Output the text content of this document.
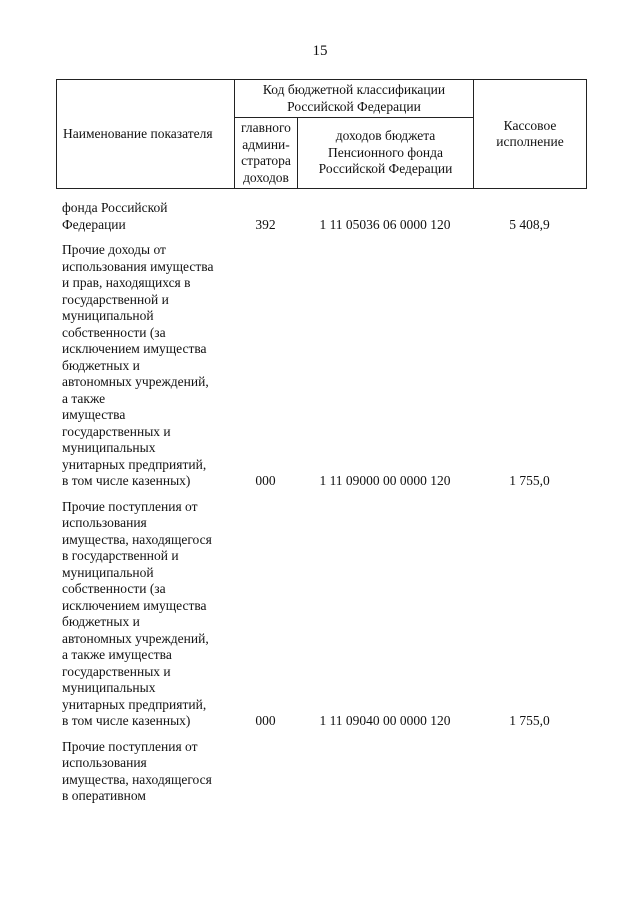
15
Наименование показателя	Код бюджетной классификации Российской Федерации		Кассовое исполнение
	главного админи- стратора доходов	доходов бюджета Пенсионного фонда Российской Федерации	
фонда Российской
Федерации	392	1 11 05036 06 0000 120	5 408,9
Прочие доходы от
использования имущества
и прав, находящихся в
государственной и
муниципальной
собственности (за
исключением имущества
бюджетных и
автономных учреждений,
а также
имущества
государственных и
муниципальных
унитарных предприятий,
в том числе казенных)	000	1 11 09000 00 0000 120	1 755,0
Прочие поступления от
использования
имущества, находящегося
в государственной и
муниципальной
собственности (за
исключением имущества
бюджетных и
автономных учреждений,
а также имущества
государственных и
муниципальных
унитарных предприятий,
в том числе казенных)	000	1 11 09040 00 0000 120	1 755,0
Прочие поступления от
использования
имущества, находящегося
в оперативном
